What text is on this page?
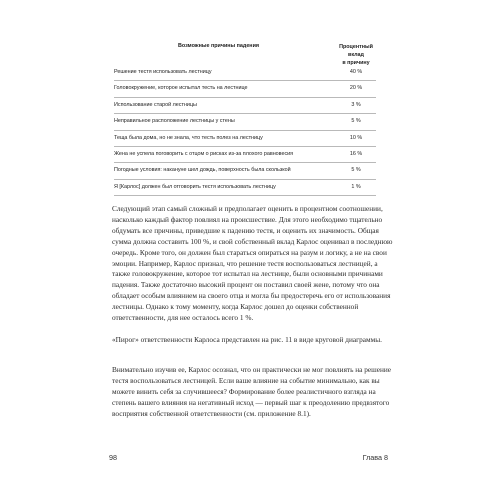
Возможные причины падения	Процентный вклад
в причину
Решение тестя использовать лестницу	40 %
Головокружение, которое испытал тесть на лестнице	20 %
Использование старой лестницы	3 %
Неправильное расположение лестницы у стены	5 %
Теща была дома, но не знала, что тесть полез на лестницу	10 %
Жена не успела поговорить с отцом о рисках из-за плохого равновесия	16 %
Погодные условия: накануне шел дождь, поверхность была скользкой	5 %
Я [Карлос] должен был отговорить тестя использовать лестницу	1 %

Следующий этап самый сложный и предполагает оценить в процентном соотношении, насколько каждый фактор повлиял на происшествие. Для этого необходимо тщательно обдумать все причины, приведшие к падению тестя, и оценить их значимость. Общая сумма должна составить 100 %, и свой собственный вклад Карлос оценивал в последнюю очередь. Кроме того, он должен был стараться опираться на разум и логику, а не на свои эмоции. Например, Карлос признал, что решение тестя воспользоваться лестницей, а также головокружение, которое тот испытал на лестнице, были основными причинами падения. Также достаточно высокий процент он поставил своей жене, потому что она обладает особым влиянием на своего отца и могла бы предостеречь его от использования лестницы. Однако к тому моменту, когда Карлос дошел до оценки собственной ответственности, для нее осталось всего 1 %.

«Пирог» ответственности Карлоса представлен на рис. 11 в виде круговой диаграммы.

Внимательно изучив ее, Карлос осознал, что он практически не мог повлиять на решение тестя воспользоваться лестницей. Если ваше влияние на событие минимально, как вы можете винить себя за случившееся? Формирование более реалистичного взгляда на степень вашего влияния на негативный исход — первый шаг к преодолению предвзятого восприятия собственной ответственности (см. приложение 8.1).

98	Глава 8
